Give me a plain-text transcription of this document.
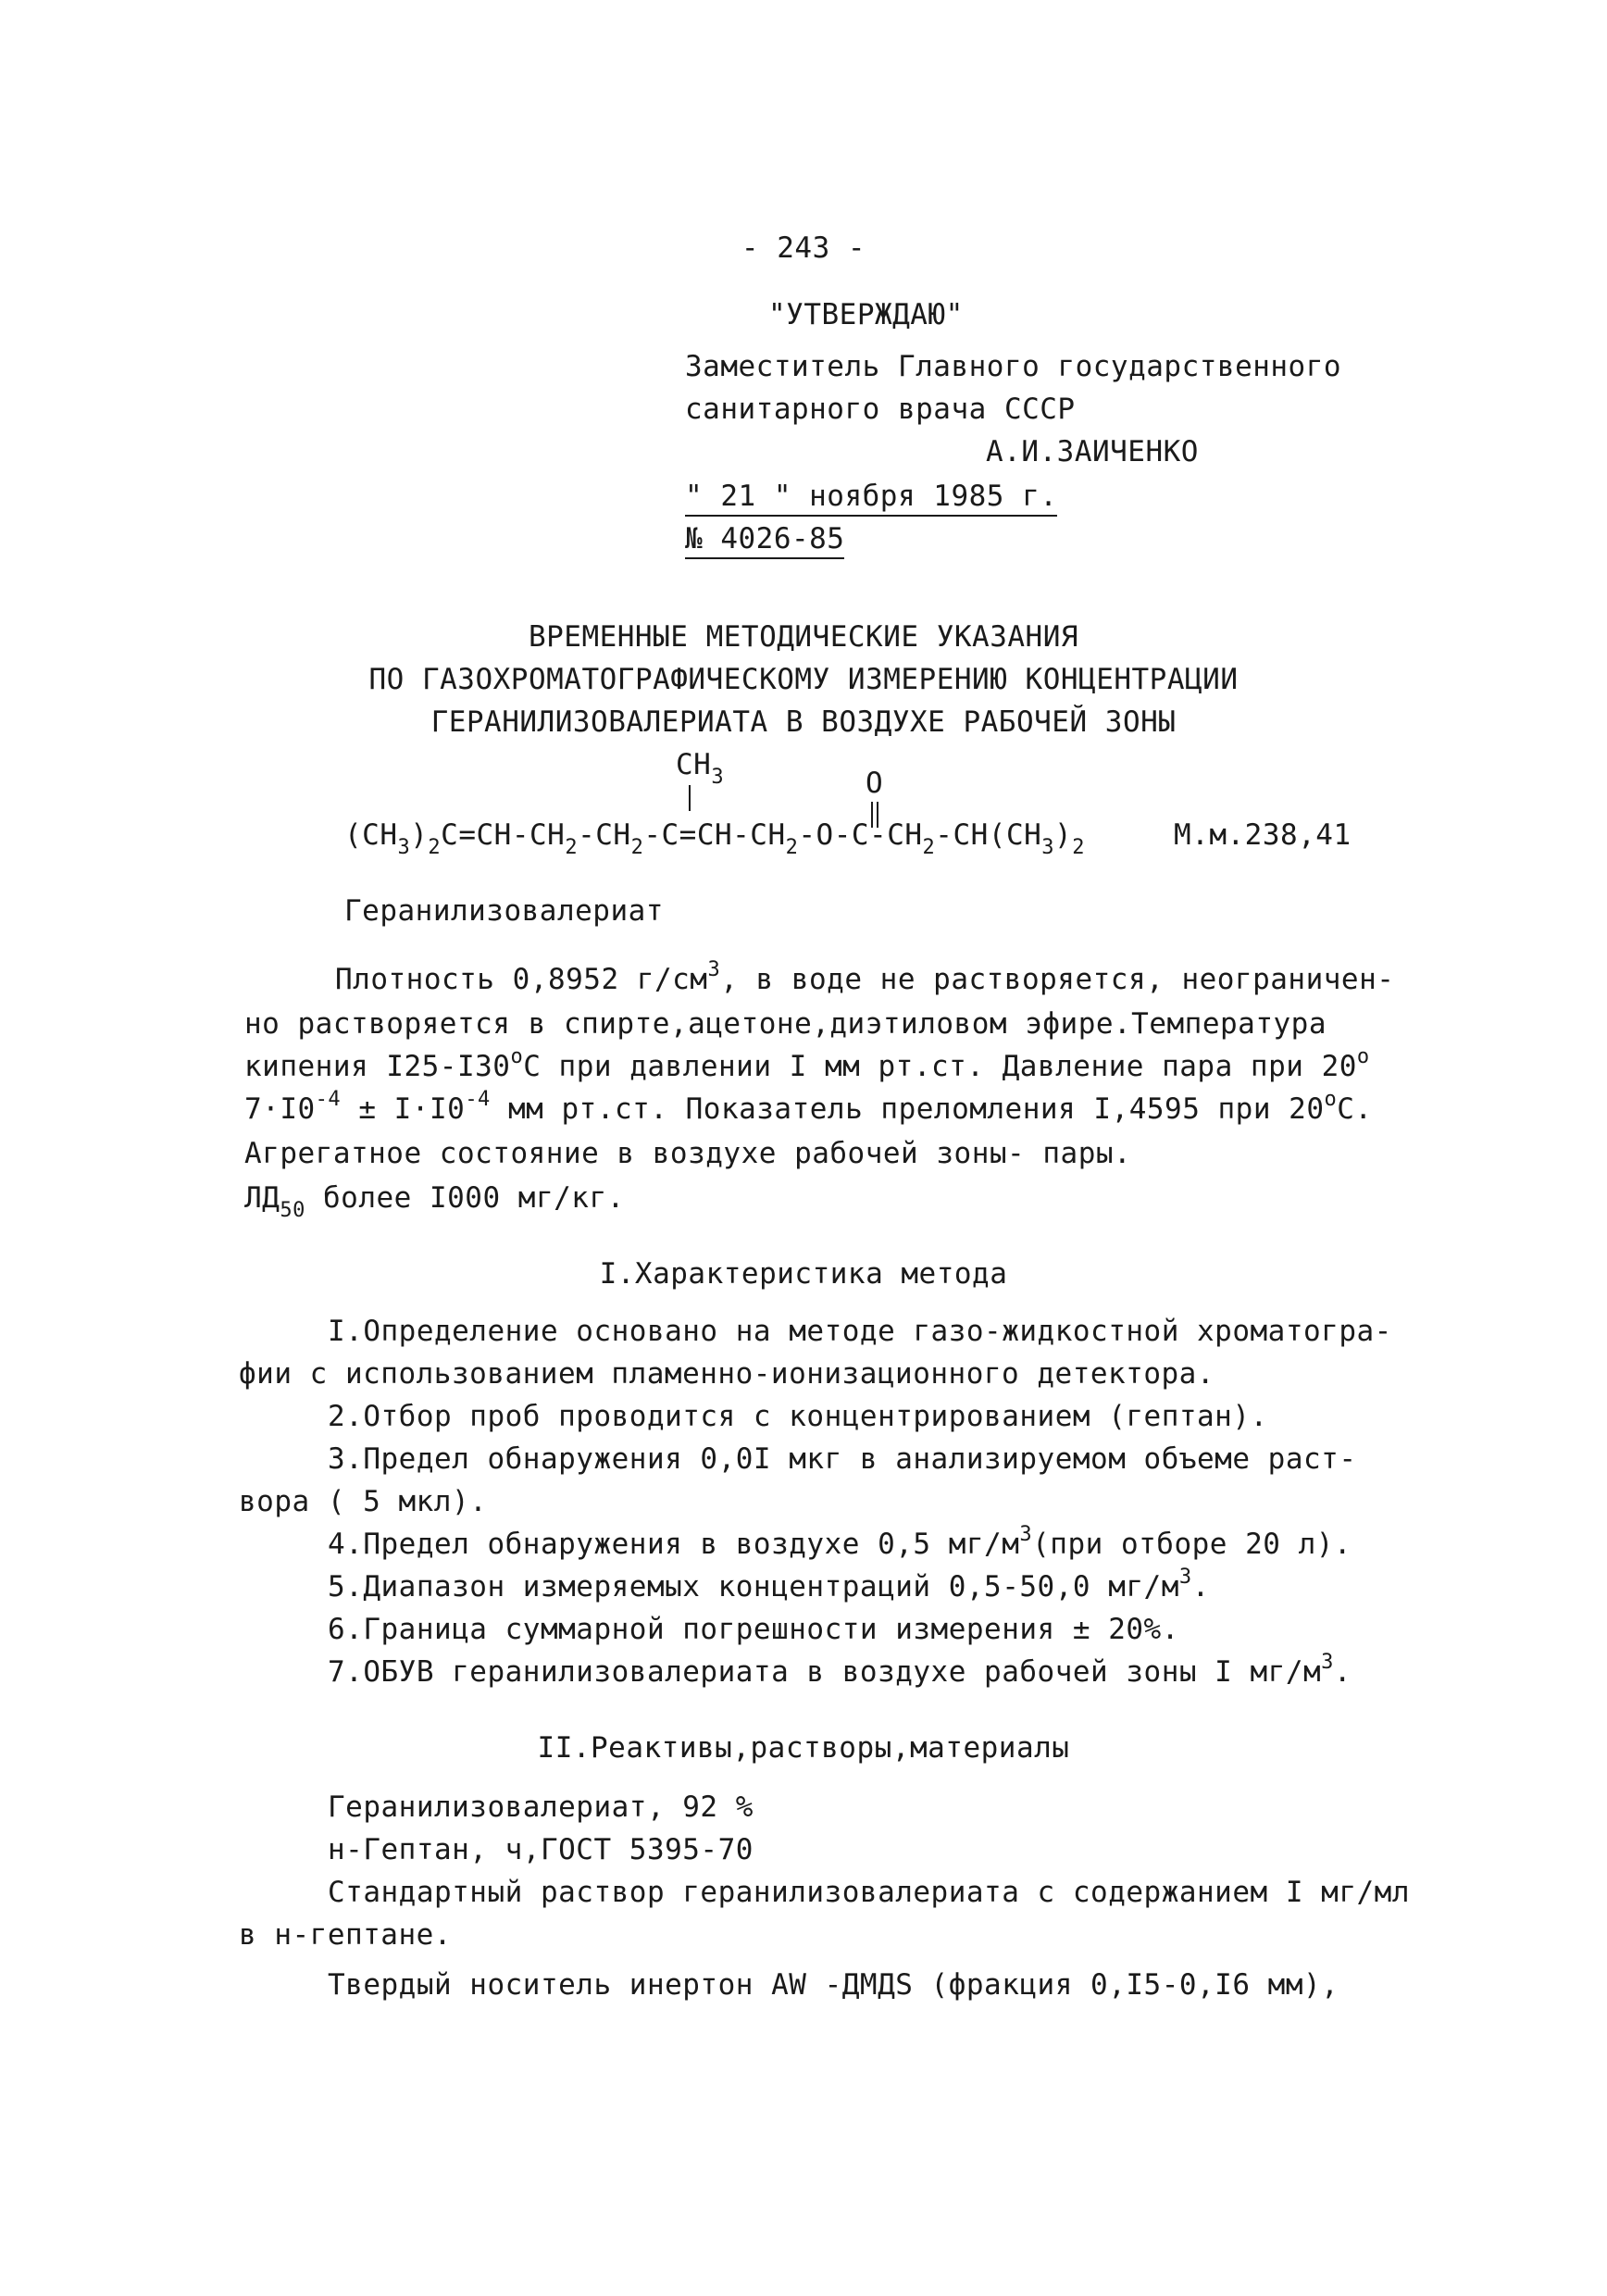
- 243 -
"УТВЕРЖДАЮ"
Заместитель Главного государственного
санитарного врача СССР
А.И.ЗАИЧЕНКО
" 21 " ноября 1985 г.
№ 4026-85
ВРЕМЕННЫЕ МЕТОДИЧЕСКИЕ УКАЗАНИЯ
ПО ГАЗОХРОМАТОГРАФИЧЕСКОМУ ИЗМЕРЕНИЮ КОНЦЕНТРАЦИИ
ГЕРАНИЛИЗОВАЛЕРИАТА В ВОЗДУХЕ РАБОЧЕЙ ЗОНЫ
$CH_3$	O
$(CH_3)_2C=CH-CH_2-CH_2-C=CH-CH_2-O-C-CH_2-CH(CH_3)_2$	М.м.238,41
Геранилизовалериат
Плотность 0,8952 $г/см^3$, в воде не растворяется, неограничен-
но растворяется в спирте,ацетоне,диэтиловом эфире.Температура
кипения $I25-I30^оС$ при давлении I мм рт.ст. Давление пара при $20^о$
$7\cdot I0^{-4} \pm I\cdot I0^{-4}$ мм рт.ст. Показатель преломления I,4595 при $20^оС$.
Агрегатное состояние в воздухе рабочей зоны- пары.
$ЛД_{50}$ более I000 мг/кг.
I.Характеристика метода
I.Определение основано на методе газо-жидкостной хроматогра-
фии с использованием пламенно-ионизационного детектора.
2.Отбор проб проводится с концентрированием (гептан).
3.Предел обнаружения 0,0I мкг в анализируемом объеме раст-
вора ( 5 мкл).
4.Предел обнаружения в воздухе 0,5 $мг/м^3(при$ отборе 20 л).
5.Диапазон измеряемых концентраций 0,5-50,0 $мг/м^3$.
6.Граница суммарной погрешности измерения ± 20%.
7.ОБУВ геранилизовалериата в воздухе рабочей зоны I $мг/м^3$.
II.Реактивы,растворы,материалы
Геранилизовалериат, 92 %
н-Гептан, ч,ГОСТ 5395-70
Стандартный раствор геранилизовалериата с содержанием I мг/мл
в н-гептане.
Твердый носитель инертон AW -ДМДS (фракция 0,I5-0,I6 мм),
